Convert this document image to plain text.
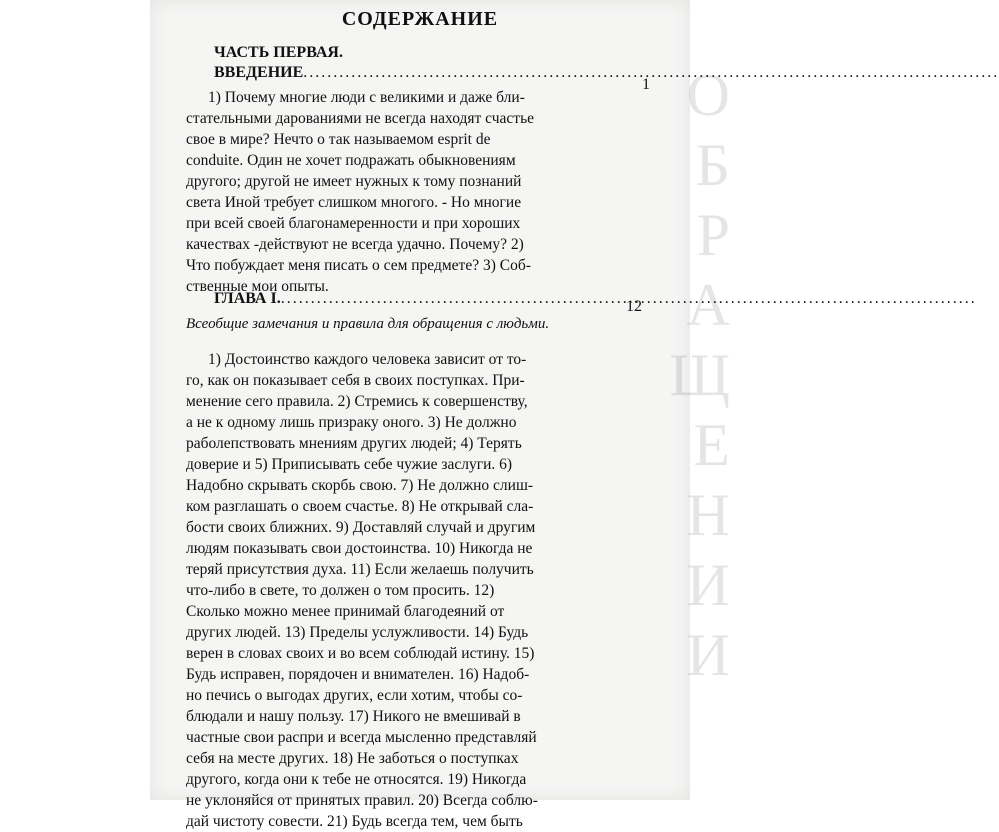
О
Б
Р
А
Щ
Е
Н
И
И
СОДЕРЖАНИЕ
ЧАСТЬ ПЕРВАЯ.
ВВЕДЕНИЕ .....
1
1) Почему многие люди с великими и даже бли-
стательными дарованиями не всегда находят счастье
свое в мире? Нечто о так называемом esprit de
conduite. Один не хочет подражать обыкновениям
другого; другой не имеет нужных к тому познаний
света Иной требует слишком многого. - Но многие
при всей своей благонамеренности и при хороших
качествах -действуют не всегда удачно. Почему? 2)
Что побуждает меня писать о сем предмете? 3) Соб-
ственные мои опыты.
ГЛАВА I. .....	12
Всеобщие замечания и правила для обращения с людьми.
1) Достоинство каждого человека зависит от то-
го, как он показывает себя в своих поступках. При-
менение сего правила. 2) Стремись к совершенству,
а не к одному лишь призраку оного. 3) Не должно
раболепствовать мнениям других людей; 4) Терять
доверие и 5) Приписывать себе чужие заслуги. 6)
Надобно скрывать скорбь свою. 7) Не должно слиш-
ком разглашать о своем счастье. 8) Не открывай сла-
бости своих ближних. 9) Доставляй случай и другим
людям показывать свои достоинства. 10) Никогда не
теряй присутствия духа. 11) Если желаешь получить
что-либо в свете, то должен о том просить. 12)
Сколько можно менее принимай благодеяний от
других людей. 13) Пределы услужливости. 14) Будь
верен в словах своих и во всем соблюдай истину. 15)
Будь исправен, порядочен и внимателен. 16) Надоб-
но печись о выгодах других, если хотим, чтобы со-
блюдали и нашу пользу. 17) Никого не вмешивай в
частные свои распри и всегда мысленно представляй
себя на месте других. 18) Не заботься о поступках
другого, когда они к тебе не относятся. 19) Никогда
не уклоняйся от принятых правил. 20) Всегда соблю-
дай чистоту совести. 21) Будь всегда тем, чем быть
